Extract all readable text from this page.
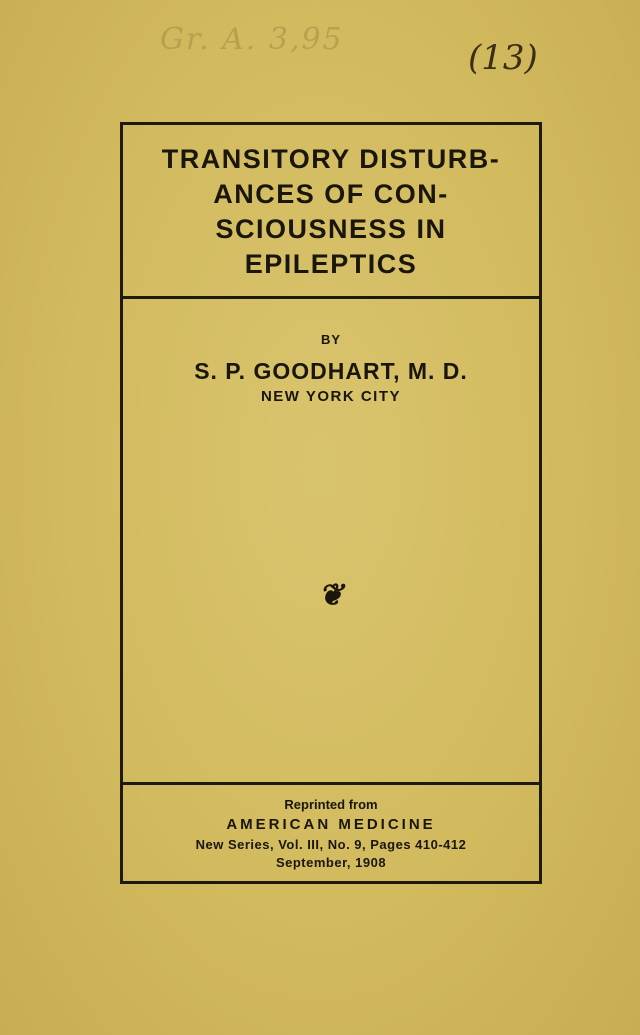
Gr. A. 3,95	(13)
TRANSITORY DISTURB-
ANCES OF CON-
SCIOUSNESS IN
EPILEPTICS
BY
S. P. GOODHART, M. D.
NEW YORK CITY
❦
Reprinted from
AMERICAN MEDICINE
New Series, Vol. III, No. 9, Pages 410-412
September, 1908
